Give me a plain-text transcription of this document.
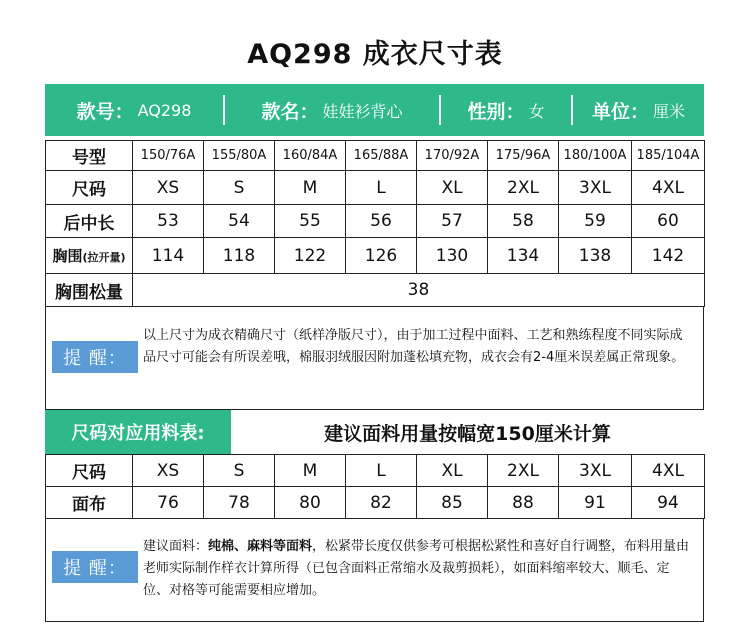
AQ298 成衣尺寸表
款号： AQ298	款名： 娃娃衫背心	性别： 女 单位： 厘米
号型	150/76A	155/80A	160/84A	165/88A	170/92A	175/96A	180/100A	185/104A
尺码	XS	S	M	L	XL	2XL	3XL	4XL
后中长	53	54	55	56	57	58	59	60
胸围(拉开量)	114	118	122	126	130	134	138	142
胸围松量	38							
提 醒：
以上尺寸为成衣精确尺寸（纸样净版尺寸），由于加工过程中面料、工艺和熟练程度不同实际成品尺寸可能会有所误差哦，棉服羽绒服因附加蓬松填充物，成衣会有2-4厘米误差属正常现象。
尺码对应用料表:	建议面料用量按幅宽150厘米计算
尺码	XS	S	M	L	XL	2XL	3XL	4XL
面布	76	78	80	82	85	88	91	94
提 醒：
建议面料：纯棉、麻料等面料，松紧带长度仅供参考可根据松紧性和喜好自行调整，布料用量由老师实际制作样衣计算所得（已包含面料正常缩水及裁剪损耗），如面料缩率较大、顺毛、定位、对格等可能需要相应增加。
